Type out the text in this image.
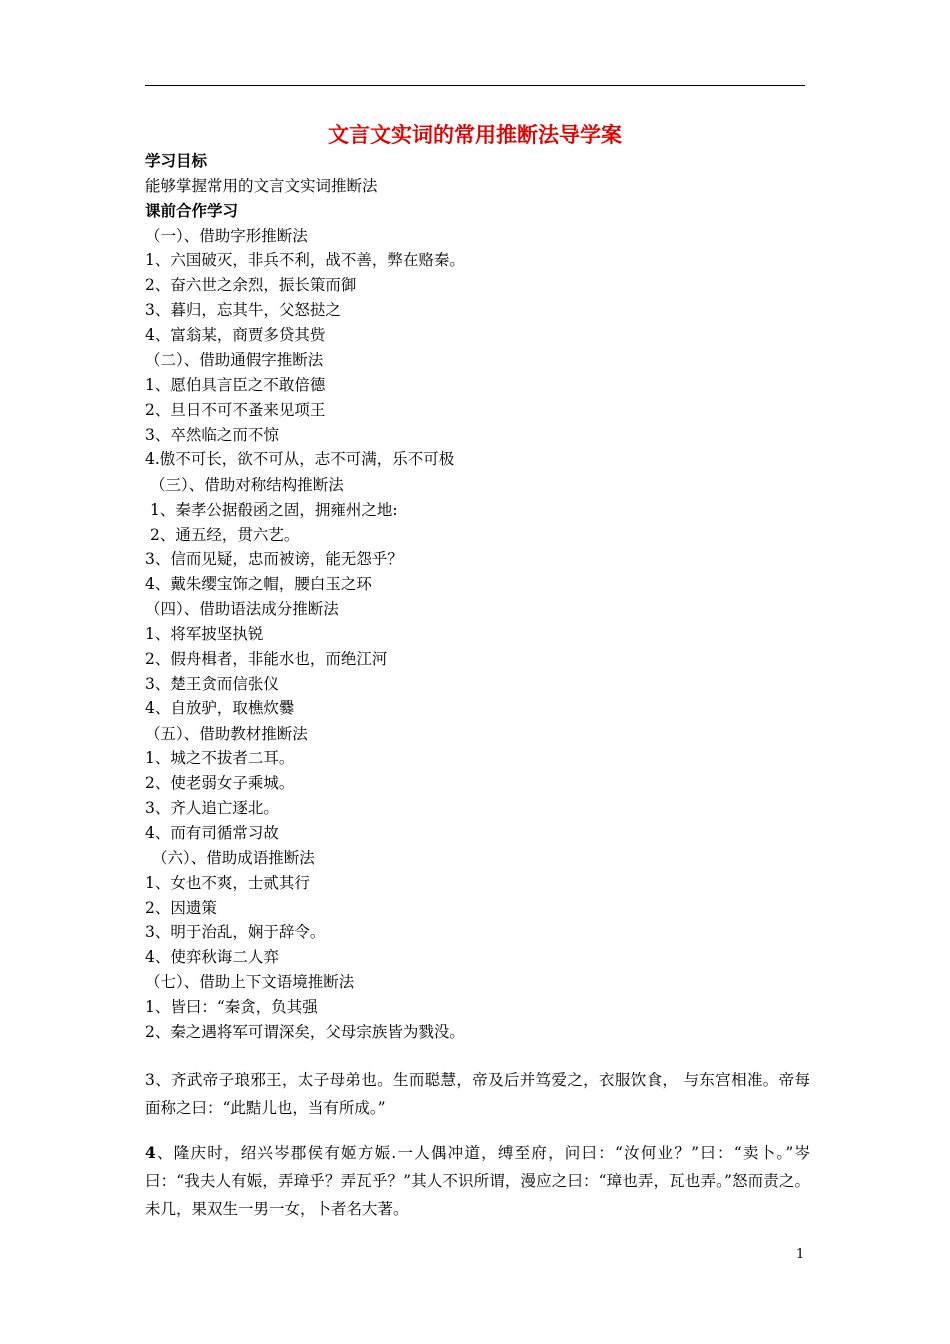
文言文实词的常用推断法导学案
学习目标
能够掌握常用的文言文实词推断法
课前合作学习
（一）、借助字形推断法
1、六国破灭，非兵不利，战不善，弊在赂秦。
2、奋六世之余烈，振长策而御
3、暮归，忘其牛，父怒挞之
4、富翁某，商贾多贷其赀
（二）、借助通假字推断法
1、愿伯具言臣之不敢倍德
2、旦日不可不蚤来见项王
3、卒然临之而不惊
4.傲不可长，欲不可从，志不可满，乐不可极
（三）、借助对称结构推断法
1、秦孝公据殽函之固，拥雍州之地:
2、通五经，贯六艺。
3、信而见疑，忠而被谤，能无怨乎？
4、戴朱缨宝饰之帽，腰白玉之环
（四）、借助语法成分推断法
1、将军披坚执锐
2、假舟楫者，非能水也，而绝江河
3、楚王贪而信张仪
4、自放驴，取樵炊爨
（五）、借助教材推断法
1、城之不拔者二耳。
2、使老弱女子乘城。
3、齐人追亡逐北。
4、而有司循常习故
（六）、借助成语推断法
1、女也不爽，士贰其行
2、因遗策
3、明于治乱，娴于辞令。
4、使弈秋诲二人弈
（七）、借助上下文语境推断法
1、皆曰：“秦贪，负其强
2、秦之遇将军可谓深矣，父母宗族皆为戮没。
3、齐武帝子琅邪王，太子母弟也。生而聪慧，帝及后并笃爱之，衣服饮食， 与东宫相准。帝每面称之曰：“此黠儿也，当有所成。”
4、隆庆时，绍兴岑郡侯有姬方娠.一人偶冲道，缚至府，问曰：“汝何业？”曰：“卖卜。”岑曰：“我夫人有娠，弄璋乎？弄瓦乎？”其人不识所谓，漫应之曰：“璋也弄，瓦也弄。”怒而责之。未几，果双生一男一女，卜者名大著。
1
